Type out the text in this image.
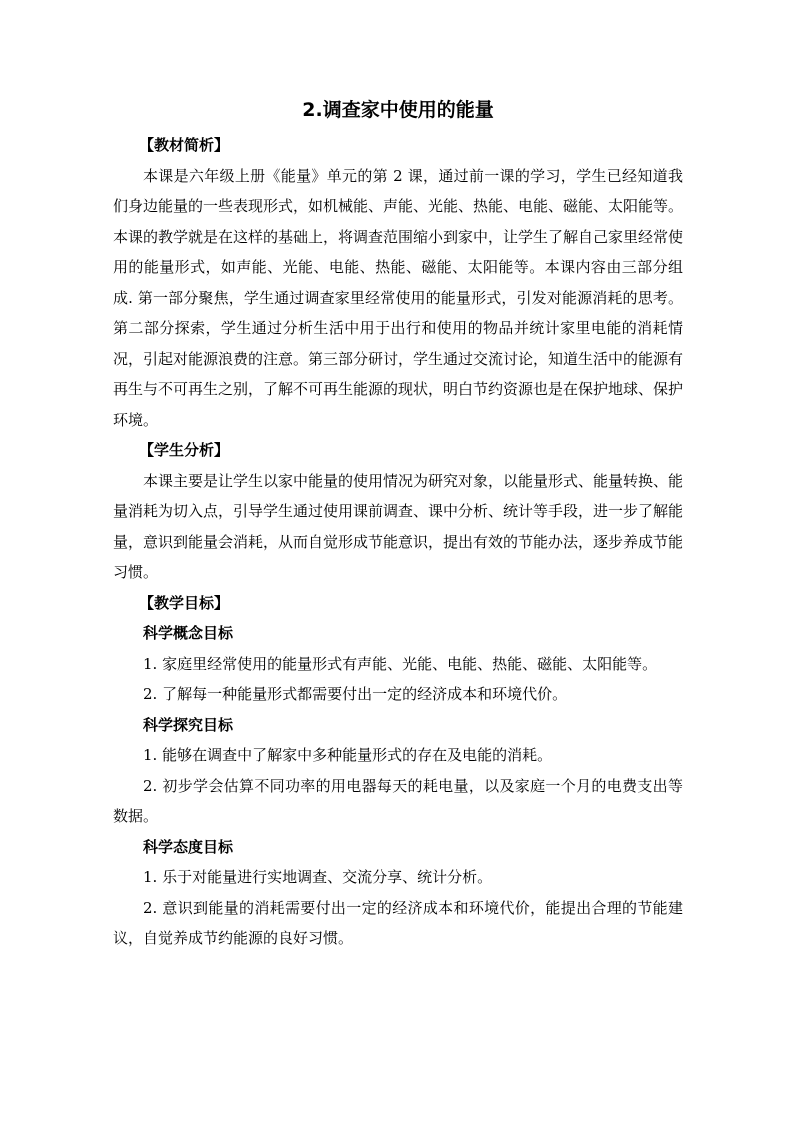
2.调查家中使用的能量

【教材简析】

本课是六年级上册《能量》单元的第 2 课，通过前一课的学习，学生已经知道我们身边能量的一些表现形式，如机械能、声能、光能、热能、电能、磁能、太阳能等。本课的教学就是在这样的基础上，将调查范围缩小到家中，让学生了解自己家里经常使用的能量形式，如声能、光能、电能、热能、磁能、太阳能等。本课内容由三部分组成. 第一部分聚焦，学生通过调查家里经常使用的能量形式，引发对能源消耗的思考。第二部分探索，学生通过分析生活中用于出行和使用的物品并统计家里电能的消耗情况，引起对能源浪费的注意。第三部分研讨，学生通过交流讨论，知道生活中的能源有再生与不可再生之别，了解不可再生能源的现状，明白节约资源也是在保护地球、保护环境。

【学生分析】

本课主要是让学生以家中能量的使用情况为研究对象，以能量形式、能量转换、能量消耗为切入点，引导学生通过使用课前调查、课中分析、统计等手段，进一步了解能量，意识到能量会消耗，从而自觉形成节能意识，提出有效的节能办法，逐步养成节能习惯。

【教学目标】

科学概念目标

1. 家庭里经常使用的能量形式有声能、光能、电能、热能、磁能、太阳能等。

2. 了解每一种能量形式都需要付出一定的经济成本和环境代价。

科学探究目标

1. 能够在调查中了解家中多种能量形式的存在及电能的消耗。

2. 初步学会估算不同功率的用电器每天的耗电量，以及家庭一个月的电费支出等数据。

科学态度目标

1. 乐于对能量进行实地调查、交流分享、统计分析。

2. 意识到能量的消耗需要付出一定的经济成本和环境代价，能提出合理的节能建议，自觉养成节约能源的良好习惯。
